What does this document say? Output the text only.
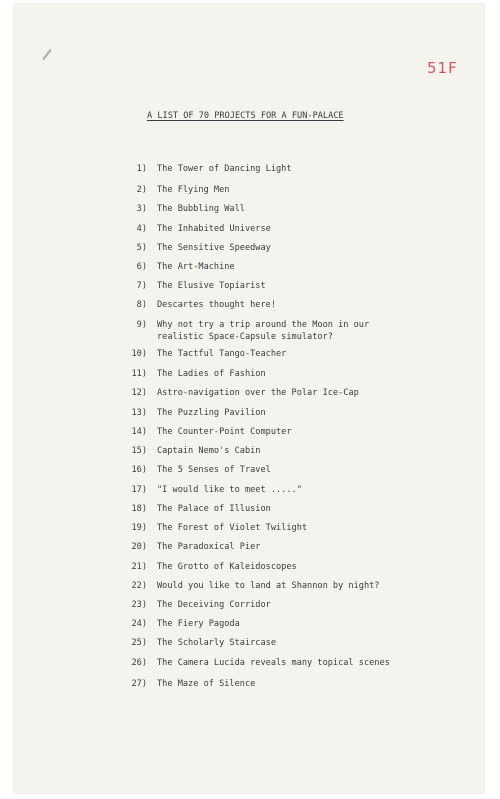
51F
A LIST OF 70 PROJECTS FOR A FUN-PALACE
1) The Tower of Dancing Light
2) The Flying Men
3) The Bubbling Wall
4) The Inhabited Universe
5) The Sensitive Speedway
6) The Art-Machine
7) The Elusive Topiarist
8) Descartes thought here!
9) Why not try a trip around the Moon in our
realistic Space-Capsule simulator?
10) The Tactful Tango-Teacher
11) The Ladies of Fashion
12) Astro-navigation over the Polar Ice-Cap
13) The Puzzling Pavilion
14) The Counter-Point Computer
15) Captain Nemo's Cabin
16) The 5 Senses of Travel
17) "I would like to meet ....."
18) The Palace of Illusion
19) The Forest of Violet Twilight
20) The Paradoxical Pier
21) The Grotto of Kaleidoscopes
22) Would you like to land at Shannon by night?
23) The Deceiving Corridor
24) The Fiery Pagoda
25) The Scholarly Staircase
26) The Camera Lucida reveals many topical scenes
27) The Maze of Silence
